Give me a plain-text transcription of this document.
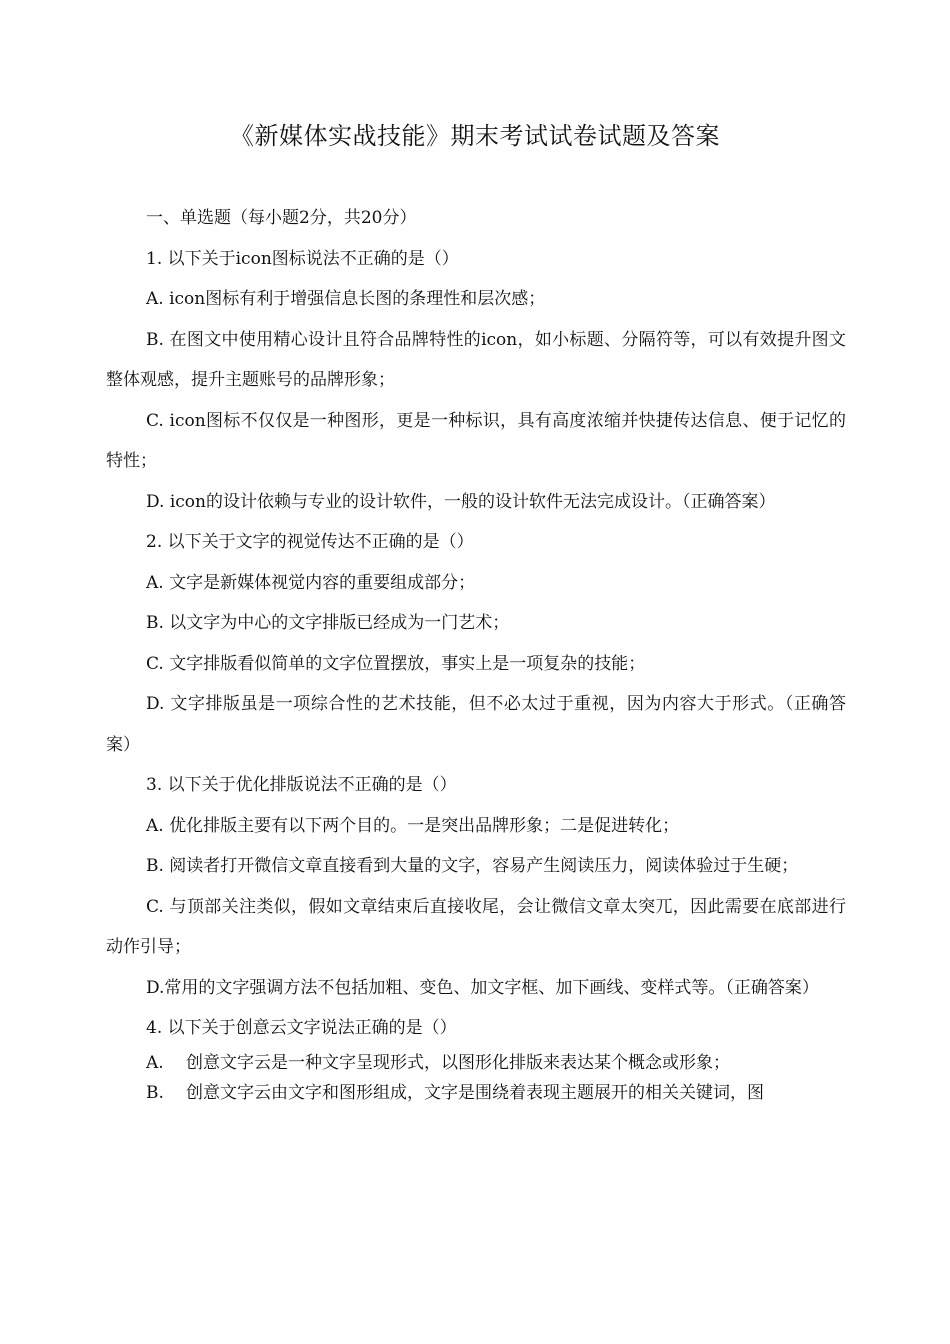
《新媒体实战技能》期末考试试卷试题及答案

一、单选题（每小题2分，共20分）

1. 以下关于icon图标说法不正确的是（）

A. icon图标有利于增强信息长图的条理性和层次感；

B. 在图文中使用精心设计且符合品牌特性的icon，如小标题、分隔符等，可以有效提升图文整体观感，提升主题账号的品牌形象；

C. icon图标不仅仅是一种图形，更是一种标识，具有高度浓缩并快捷传达信息、便于记忆的特性；

D. icon的设计依赖与专业的设计软件，一般的设计软件无法完成设计。（正确答案）

2. 以下关于文字的视觉传达不正确的是（）

A. 文字是新媒体视觉内容的重要组成部分；

B. 以文字为中心的文字排版已经成为一门艺术；

C. 文字排版看似简单的文字位置摆放，事实上是一项复杂的技能；

D. 文字排版虽是一项综合性的艺术技能，但不必太过于重视，因为内容大于形式。（正确答案）

3. 以下关于优化排版说法不正确的是（）

A. 优化排版主要有以下两个目的。一是突出品牌形象；二是促进转化；

B. 阅读者打开微信文章直接看到大量的文字，容易产生阅读压力，阅读体验过于生硬；

C. 与顶部关注类似，假如文章结束后直接收尾，会让微信文章太突兀，因此需要在底部进行动作引导；

D.常用的文字强调方法不包括加粗、变色、加文字框、加下画线、变样式等。（正确答案）

4. 以下关于创意云文字说法正确的是（）

A. 创意文字云是一种文字呈现形式，以图形化排版来表达某个概念或形象；

B. 创意文字云由文字和图形组成，文字是围绕着表现主题展开的相关关键词，图
